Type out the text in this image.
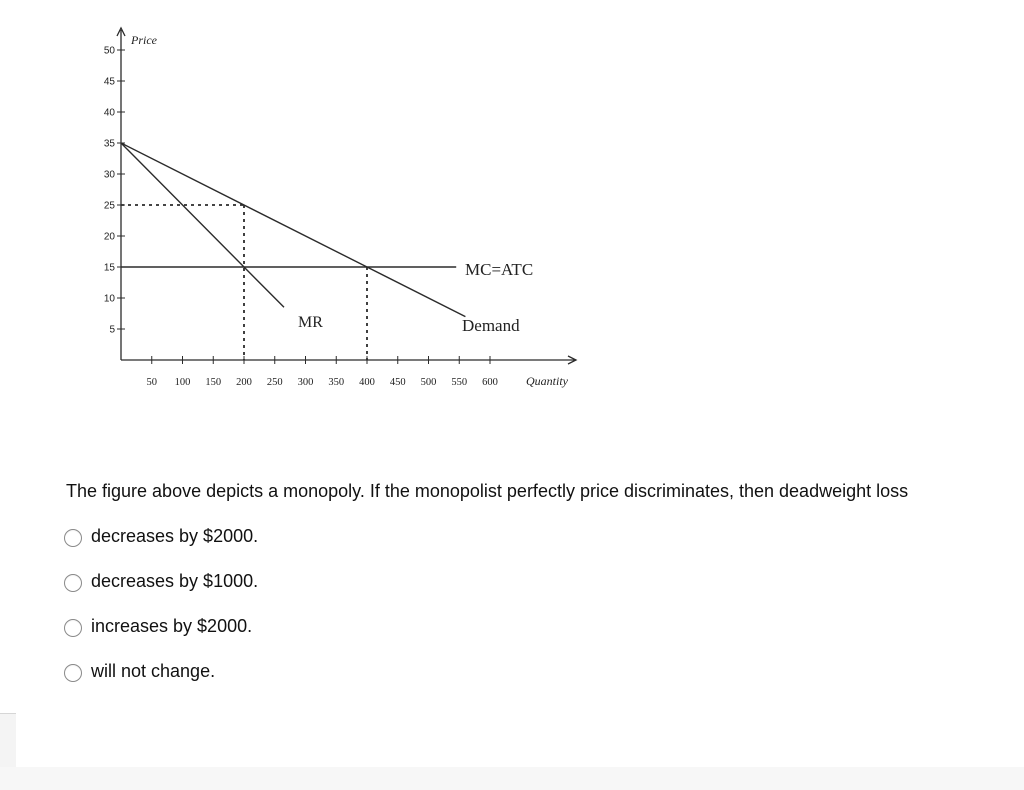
5
10
15
20
25
30
35
40
45
50
50 100 150 200 250 300 350 400 450 500 550 600
Price
Quantity
MC=ATC
Demand
MR
The figure above depicts a monopoly. If the monopolist perfectly price discriminates, then deadweight loss
decreases by $2000.
decreases by $1000.
increases by $2000.
will not change.
